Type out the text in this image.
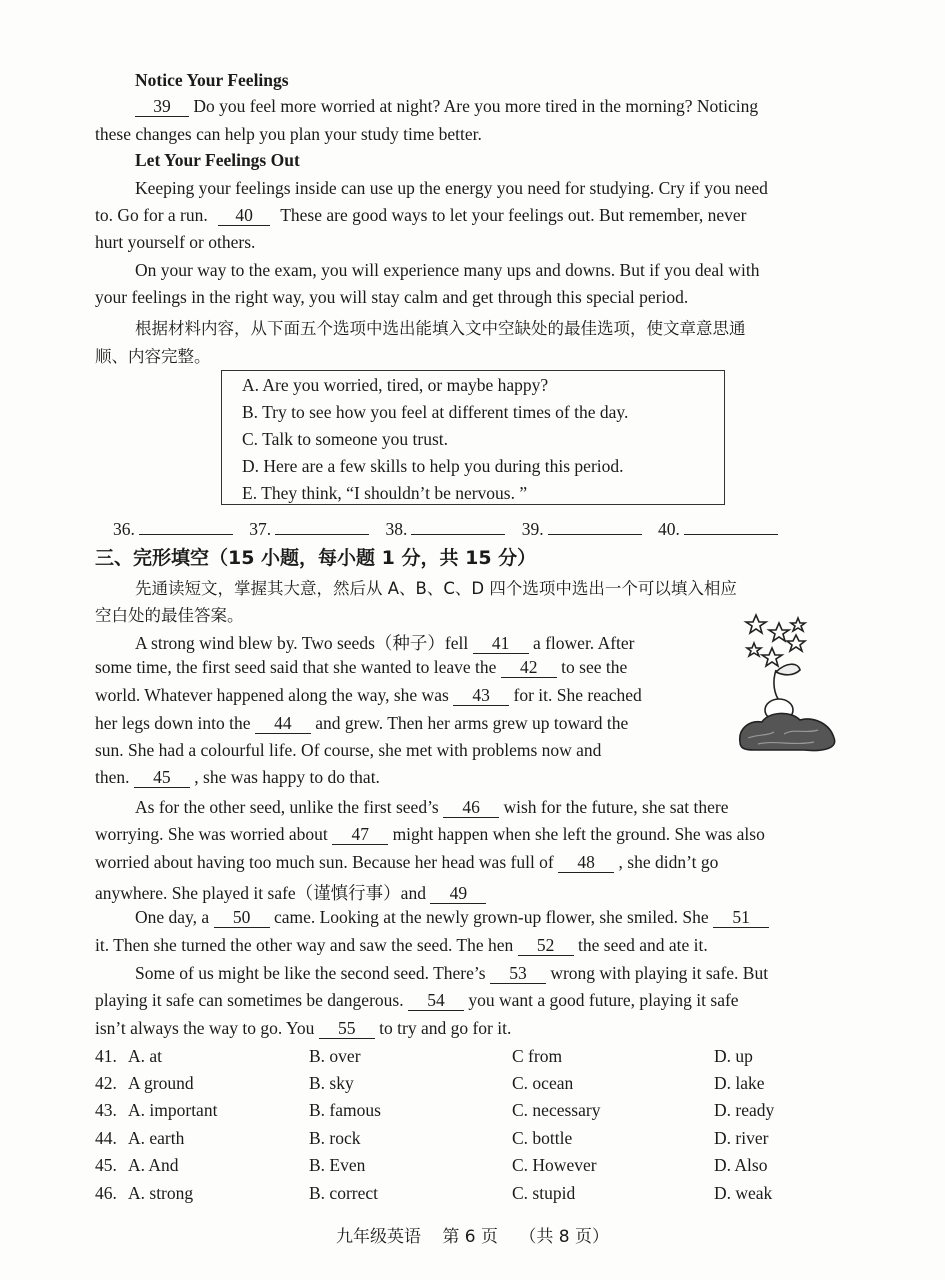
Notice Your Feelings
39 Do you feel more worried at night? Are you more tired in the morning? Noticing
these changes can help you plan your study time better.
Let Your Feelings Out
Keeping your feelings inside can use up the energy you need for studying. Cry if you need
to. Go for a run. 40 These are good ways to let your feelings out. But remember, never
hurt yourself or others.
On your way to the exam, you will experience many ups and downs. But if you deal with
your feelings in the right way, you will stay calm and get through this special period.
根据材料内容，从下面五个选项中选出能填入文中空缺处的最佳选项，使文章意思通
顺、内容完整。
A. Are you worried, tired, or maybe happy?
B. Try to see how you feel at different times of the day.
C. Talk to someone you trust.
D. Here are a few skills to help you during this period.
E. They think, “I shouldn’t be nervous. ”
36.	37.	38.	39.	40.
三、完形填空（15 小题，每小题 1 分，共 15 分）
先通读短文，掌握其大意，然后从 A、B、C、D 四个选项中选出一个可以填入相应
空白处的最佳答案。
A strong wind blew by. Two seeds（种子）fell 41 a flower. After
some time, the first seed said that she wanted to leave the 42 to see the
world. Whatever happened along the way, she was 43 for it. She reached
her legs down into the 44 and grew. Then her arms grew up toward the
sun. She had a colourful life. Of course, she met with problems now and
then. 45 , she was happy to do that.
As for the other seed, unlike the first seed’s 46 wish for the future, she sat there
worrying. She was worried about 47 might happen when she left the ground. She was also
worried about having too much sun. Because her head was full of 48 , she didn’t go
anywhere. She played it safe（谨慎行事）and 49
One day, a 50 came. Looking at the newly grown-up flower, she smiled. She 51
it. Then she turned the other way and saw the seed. The hen 52 the seed and ate it.
Some of us might be like the second seed. There’s 53 wrong with playing it safe. But
playing it safe can sometimes be dangerous. 54 you want a good future, playing it safe
isn’t always the way to go. You 55 to try and go for it.
41. A. at	B. over	C from	D. up
42. A ground	B. sky	C. ocean	D. lake
43. A. important	B. famous	C. necessary	D. ready
44. A. earth	B. rock	C. bottle	D. river
45. A. And	B. Even	C. However	D. Also
46. A. strong	B. correct	C. stupid	D. weak
九年级英语 第 6 页 （共 8 页）
